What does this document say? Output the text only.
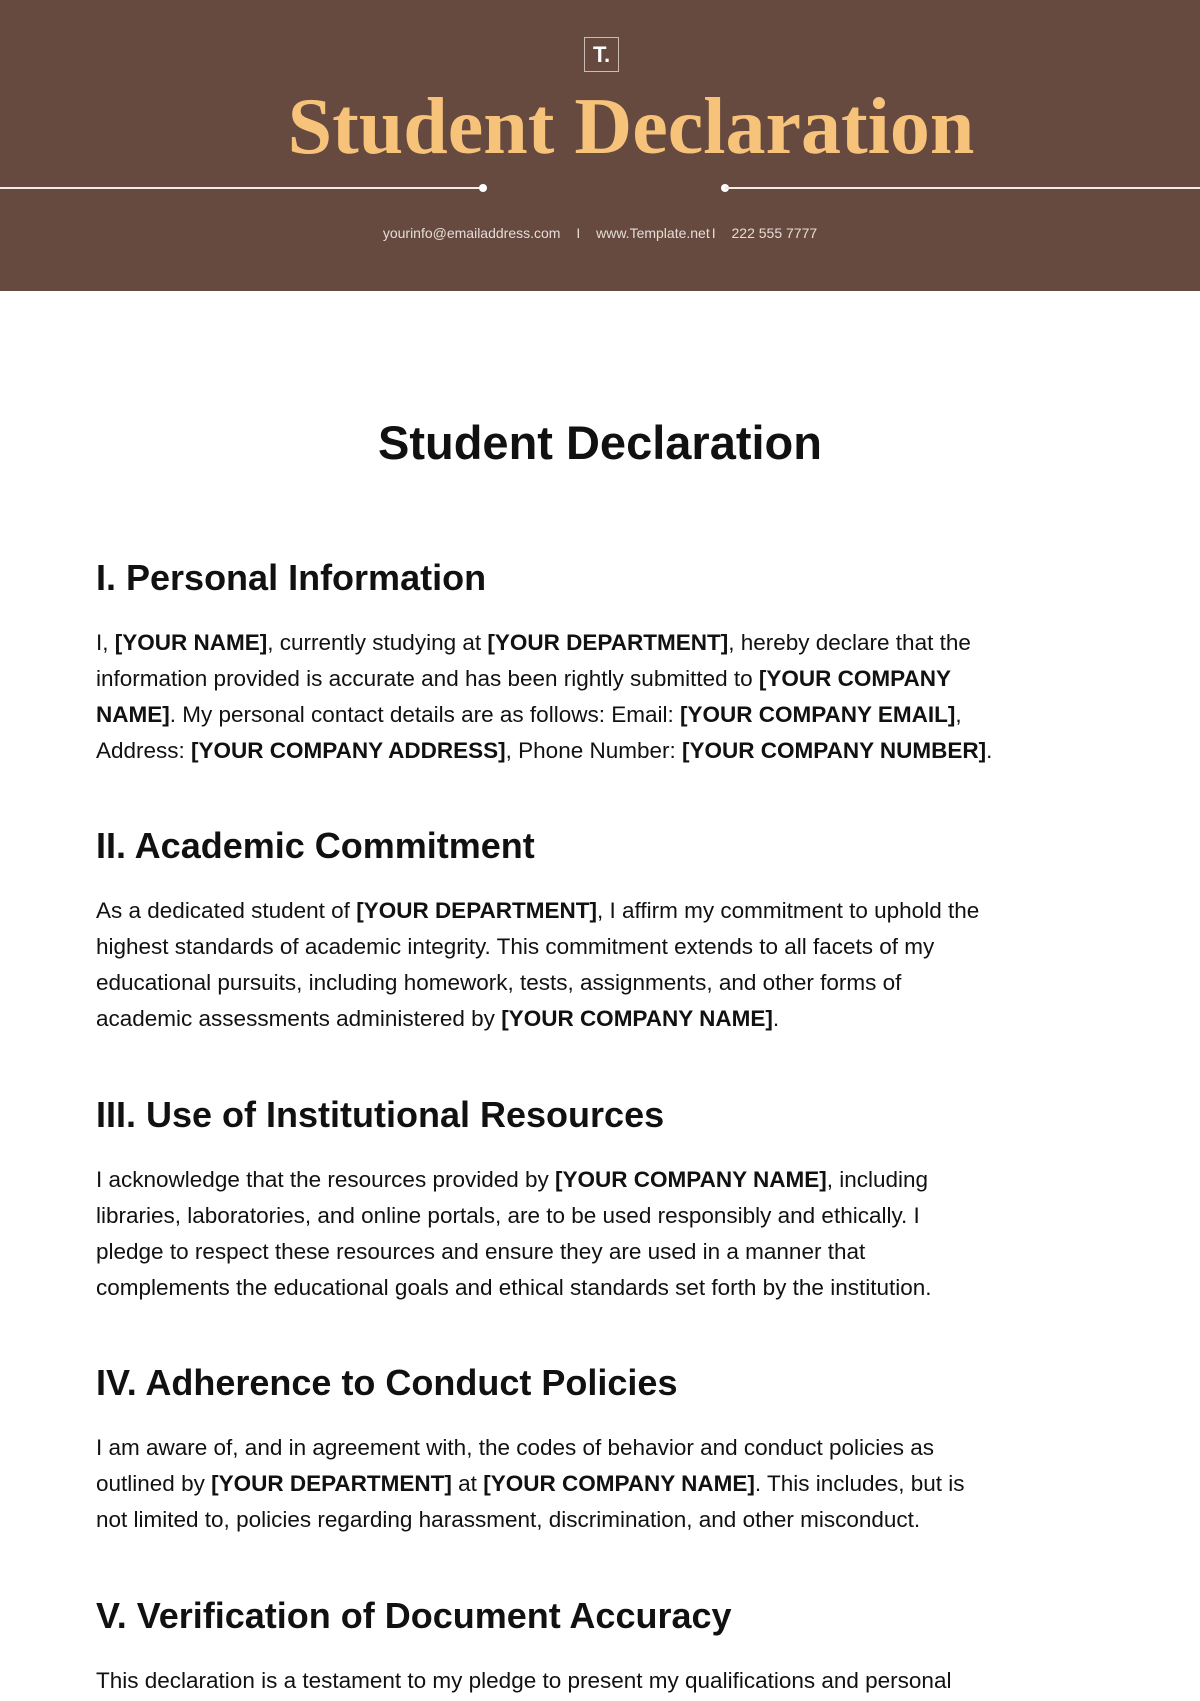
T.
Student Declaration
yourinfo@emailaddress.com I www.Template.net I 222 555 7777
Student Declaration
I. Personal Information
I, [YOUR NAME], currently studying at [YOUR DEPARTMENT], hereby declare that the
information provided is accurate and has been rightly submitted to [YOUR COMPANY
NAME]. My personal contact details are as follows: Email: [YOUR COMPANY EMAIL],
Address: [YOUR COMPANY ADDRESS], Phone Number: [YOUR COMPANY NUMBER].
II. Academic Commitment
As a dedicated student of [YOUR DEPARTMENT], I affirm my commitment to uphold the
highest standards of academic integrity. This commitment extends to all facets of my
educational pursuits, including homework, tests, assignments, and other forms of
academic assessments administered by [YOUR COMPANY NAME].
III. Use of Institutional Resources
I acknowledge that the resources provided by [YOUR COMPANY NAME], including
libraries, laboratories, and online portals, are to be used responsibly and ethically. I
pledge to respect these resources and ensure they are used in a manner that
complements the educational goals and ethical standards set forth by the institution.
IV. Adherence to Conduct Policies
I am aware of, and in agreement with, the codes of behavior and conduct policies as
outlined by [YOUR DEPARTMENT] at [YOUR COMPANY NAME]. This includes, but is
not limited to, policies regarding harassment, discrimination, and other misconduct.
V. Verification of Document Accuracy
This declaration is a testament to my pledge to present my qualifications and personal
